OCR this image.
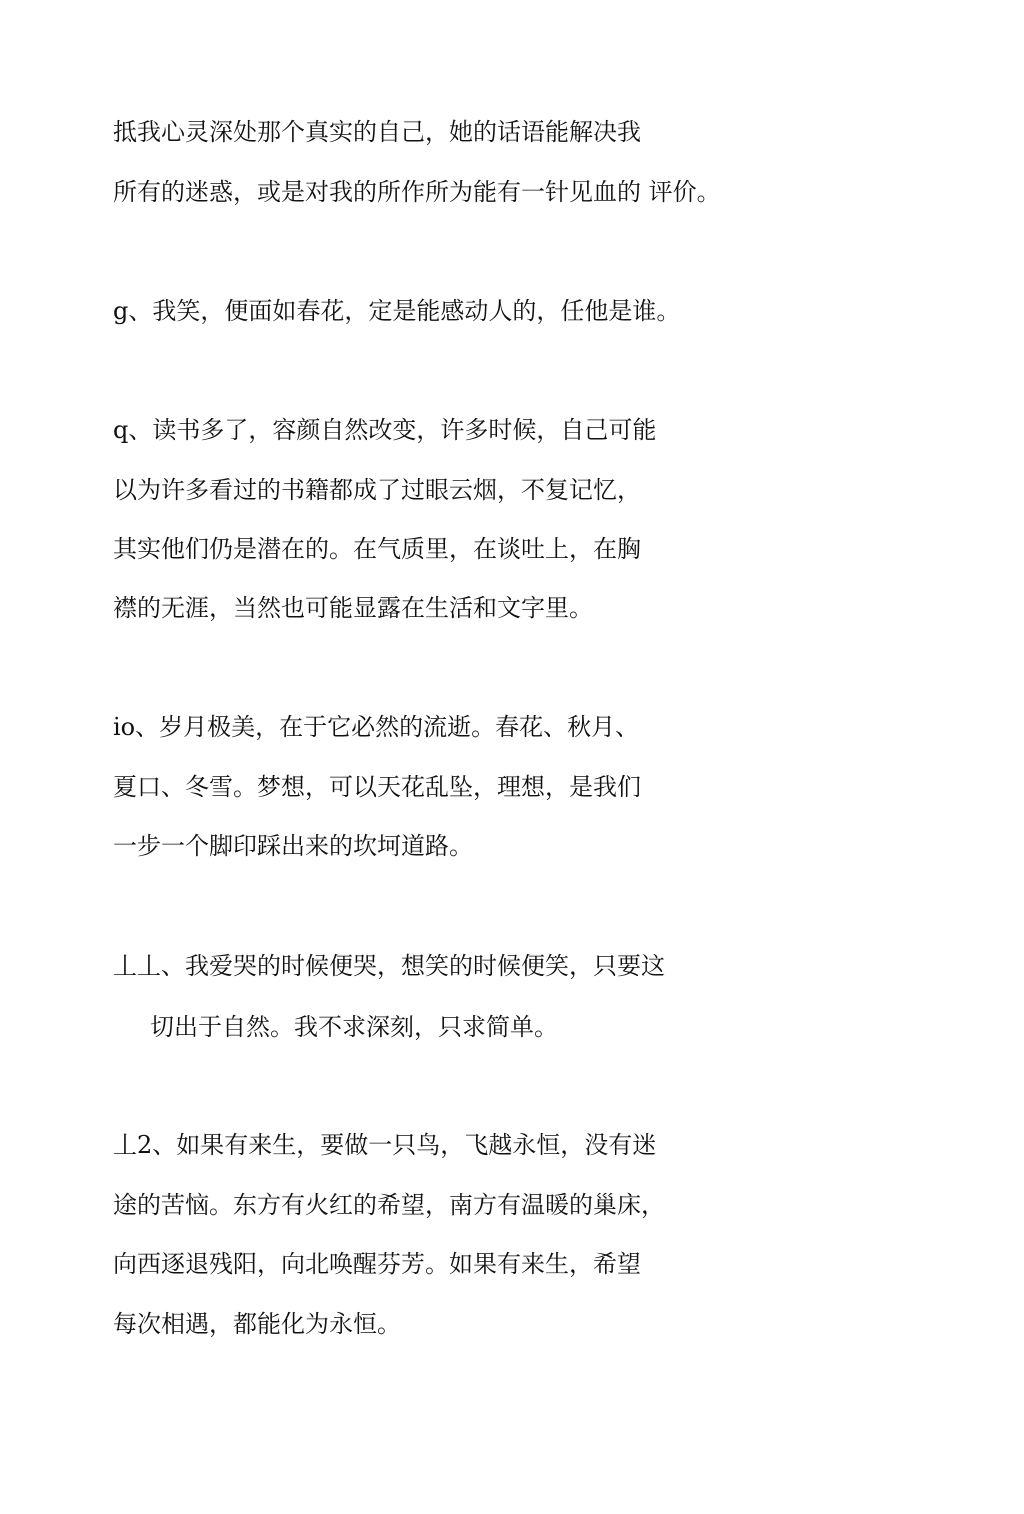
抵我心灵深处那个真实的自己，她的话语能解决我
所有的迷惑，或是对我的所作所为能有一针见血的 评价。
g、我笑，便面如春花，定是能感动人的，任他是谁。
q、读书多了，容颜自然改变，许多时候，自己可能
以为许多看过的书籍都成了过眼云烟，不复记忆，
其实他们仍是潜在的。在气质里，在谈吐上，在胸
襟的无涯，当然也可能显露在生活和文字里。
io、岁月极美，在于它必然的流逝。春花、秋月、
夏口、冬雪。梦想，可以天花乱坠，理想，是我们
一步一个脚印踩出来的坎坷道路。
丄丄、我爱哭的时候便哭，想笑的时候便笑，只要这
切出于自然。我不求深刻，只求简单。
丄2、如果有来生，要做一只鸟，飞越永恒，没有迷
途的苦恼。东方有火红的希望，南方有温暖的巢床，
向西逐退残阳，向北唤醒芬芳。如果有来生，希望
每次相遇，都能化为永恒。
